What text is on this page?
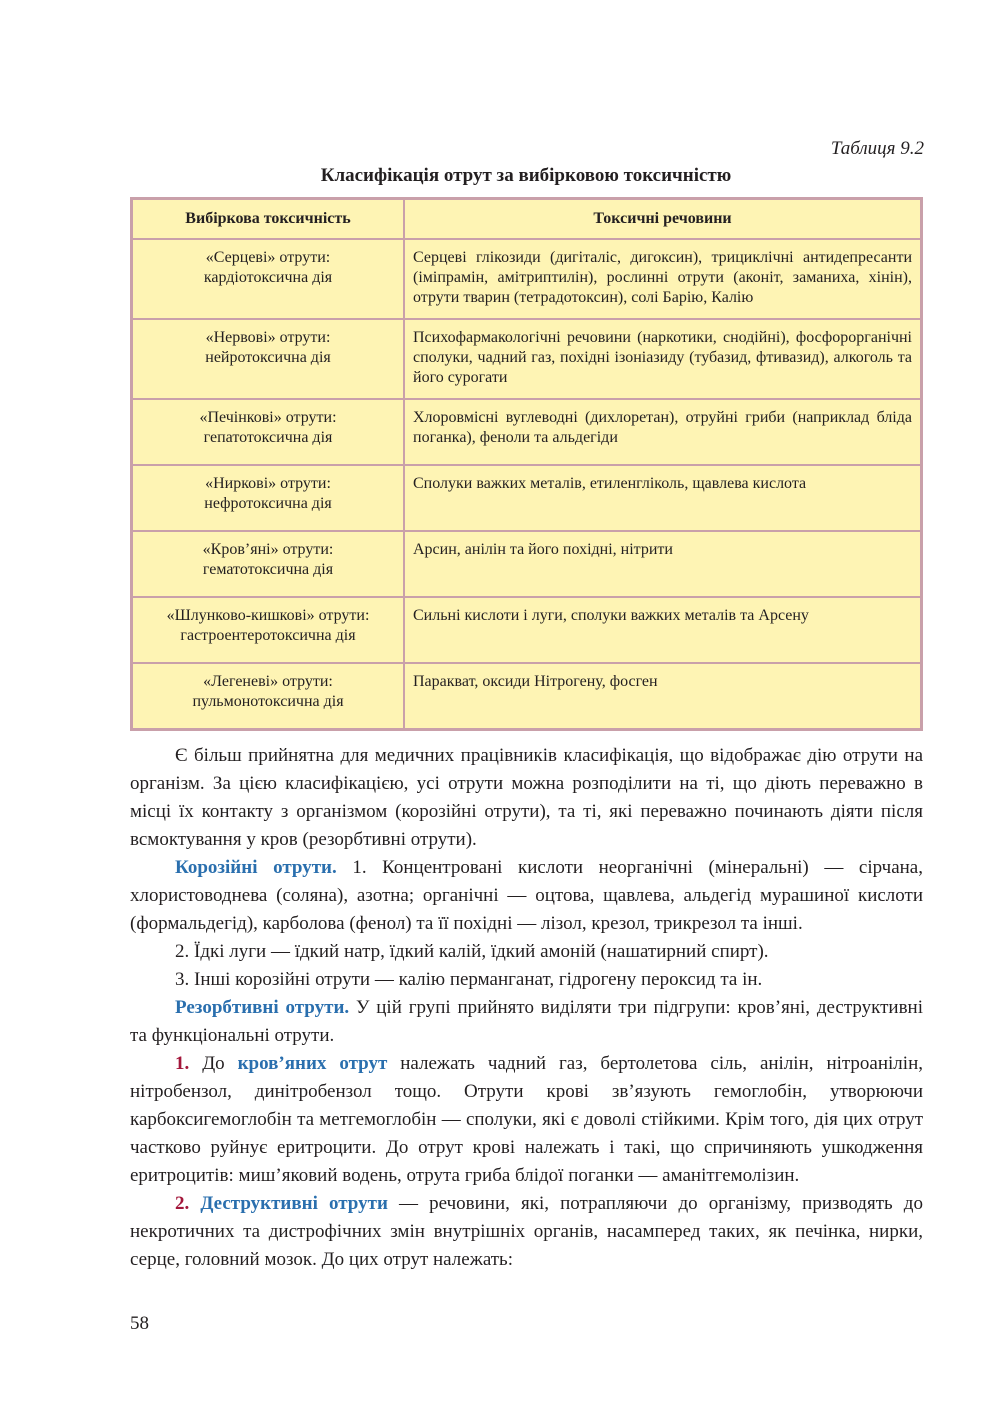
Таблиця 9.2
Класифікація отрут за вибірковою токсичністю
Вибіркова токсичність	Токсичні речовини

«Серцеві» отрути:
кардіотоксична дія	Серцеві глікозиди (дигіталіс, дигоксин), трициклічні антидепресанти (іміпрамін, амітриптилін), рослинні отрути (аконіт, заманиха, хінін), отрути тварин (тетрадотоксин), солі Барію, Калію

«Нервові» отрути:
нейротоксична дія	Психофармакологічні речовини (наркотики, снодійні), фосфорорганічні сполуки, чадний газ, похідні ізоніазиду (тубазид, фтивазид), алкоголь та його сурогати

«Печінкові» отрути:
гепатотоксична дія	Хлоровмісні вуглеводні (дихлоретан), отруйні гриби (наприклад бліда поганка), феноли та альдегіди

«Ниркові» отрути:
нефротоксична дія	Сполуки важких металів, етиленгліколь, щавлева кислота

«Кров’яні» отрути:
гематотоксична дія	Арсин, анілін та його похідні, нітрити

«Шлунково-кишкові» отрути:
гастроентеротоксична дія	Сильні кислоти і луги, сполуки важких металів та Арсену

«Легеневі» отрути:
пульмонотоксична дія	Паракват, оксиди Нітрогену, фосген

Є більш прийнятна для медичних працівників класифікація, що відображає дію отрути на організм. За цією класифікацією, усі отрути можна розподілити на ті, що діють переважно в місці їх контакту з організмом (корозійні отрути), та ті, які переважно починають діяти після всмоктування у кров (резорбтивні отрути).

Корозійні отрути. 1. Концентровані кислоти неорганічні (мінеральні) — сірчана, хлористоводнева (соляна), азотна; органічні — оцтова, щавлева, альдегід мурашиної кислоти (формальдегід), карболова (фенол) та її похідні — лізол, крезол, трикрезол та інші.

2. Їдкі луги — їдкий натр, їдкий калій, їдкий амоній (нашатирний спирт).

3. Інші корозійні отрути — калію перманганат, гідрогену пероксид та ін.

Резорбтивні отрути. У цій групі прийнято виділяти три підгрупи: кров’яні, деструктивні та функціональні отрути.

1. До кров’яних отрут належать чадний газ, бертолетова сіль, анілін, нітроанілін, нітробензол, динітробензол тощо. Отрути крові зв’язують гемоглобін, утворюючи карбоксигемоглобін та метгемоглобін — сполуки, які є доволі стійкими. Крім того, дія цих отрут частково руйнує еритроцити. До отрут крові належать і такі, що спричиняють ушкодження еритроцитів: миш’яковий водень, отрута гриба блідої поганки — аманітгемолізин.

2. Деструктивні отрути — речовини, які, потрапляючи до організму, призводять до некротичних та дистрофічних змін внутрішніх органів, насамперед таких, як печінка, нирки, серце, головний мозок. До цих отрут належать:

58
